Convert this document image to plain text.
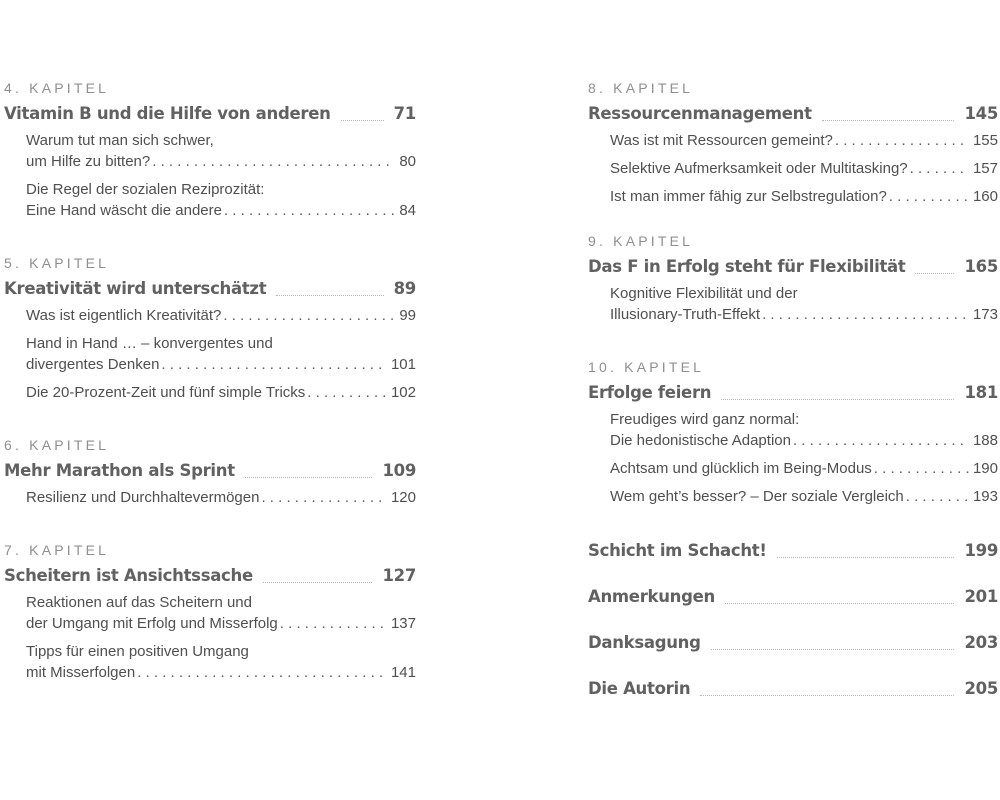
4. KAPITEL
Vitamin B und die Hilfe von anderen	71
Warum tut man sich schwer,
um Hilfe zu bitten? . . .	80
Die Regel der sozialen Reziprozität:
Eine Hand wäscht die andere . . .	84
5. KAPITEL
Kreativität wird unterschätzt	89
Was ist eigentlich Kreativität? . . .	99
Hand in Hand … – konvergentes und
divergentes Denken . . .	101
Die 20-Prozent-Zeit und fünf simple Tricks . . .	102
6. KAPITEL
Mehr Marathon als Sprint	109
Resilienz und Durchhaltevermögen . . .	120
7. KAPITEL
Scheitern ist Ansichtssache	127
Reaktionen auf das Scheitern und
der Umgang mit Erfolg und Misserfolg . . .	137
Tipps für einen positiven Umgang
mit Misserfolgen . . .	141
8. KAPITEL
Ressourcenmanagement	145
Was ist mit Ressourcen gemeint? . . .	155
Selektive Aufmerksamkeit oder Multitasking? . . .	157
Ist man immer fähig zur Selbstregulation? . . .	160
9. KAPITEL
Das F in Erfolg steht für Flexibilität	165
Kognitive Flexibilität und der
Illusionary-Truth-Effekt . . .	173
10. KAPITEL
Erfolge feiern	181
Freudiges wird ganz normal:
Die hedonistische Adaption . . .	188
Achtsam und glücklich im Being-Modus . . .	190
Wem geht’s besser? – Der soziale Vergleich . . .	193
Schicht im Schacht!	199
Anmerkungen	201
Danksagung	203
Die Autorin	205
